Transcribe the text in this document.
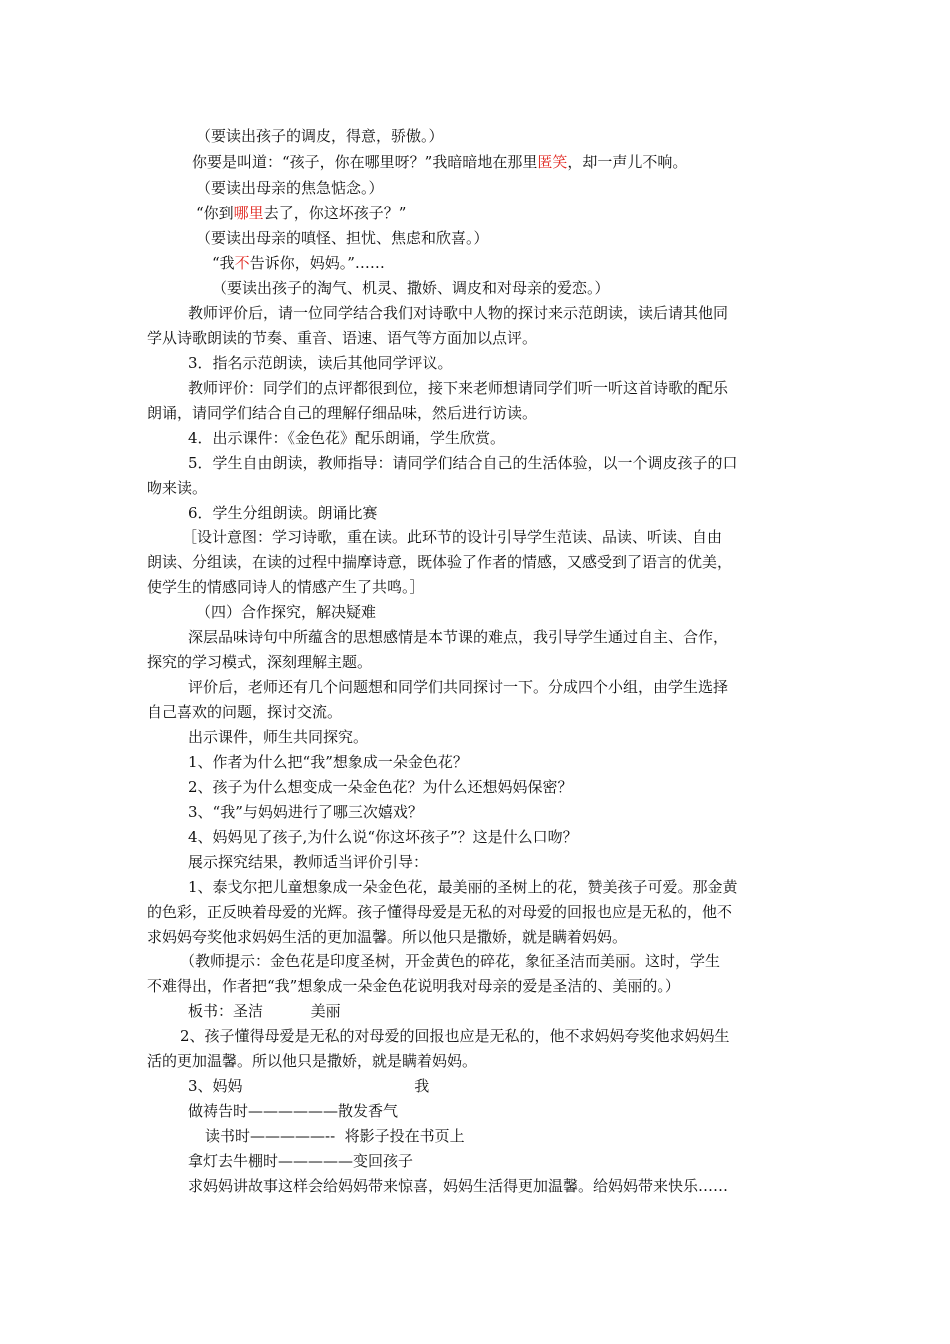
（要读出孩子的调皮，得意，骄傲。）
你要是叫道：“孩子，你在哪里呀？”我暗暗地在那里匿笑，却一声儿不响。
（要读出母亲的焦急惦念。）
“你到哪里去了，你这坏孩子？”
（要读出母亲的嗔怪、担忧、焦虑和欣喜。）
“我不告诉你，妈妈。”……
（要读出孩子的淘气、机灵、撒娇、调皮和对母亲的爱恋。）
教师评价后，请一位同学结合我们对诗歌中人物的探讨来示范朗读，读后请其他同
学从诗歌朗读的节奏、重音、语速、语气等方面加以点评。
3．指名示范朗读，读后其他同学评议。
教师评价：同学们的点评都很到位，接下来老师想请同学们听一听这首诗歌的配乐
朗诵，请同学们结合自己的理解仔细品味，然后进行访读。
4．出示课件：《金色花》配乐朗诵，学生欣赏。
5．学生自由朗读，教师指导：请同学们结合自己的生活体验，以一个调皮孩子的口
吻来读。
6．学生分组朗读。朗诵比赛
［设计意图：学习诗歌，重在读。此环节的设计引导学生范读、品读、听读、自由
朗读、分组读，在读的过程中揣摩诗意，既体验了作者的情感，又感受到了语言的优美，
使学生的情感同诗人的情感产生了共鸣。］
（四）合作探究，解决疑难
深层品味诗句中所蕴含的思想感情是本节课的难点，我引导学生通过自主、合作，
探究的学习模式，深刻理解主题。
评价后，老师还有几个问题想和同学们共同探讨一下。分成四个小组，由学生选择
自己喜欢的问题，探讨交流。
出示课件，师生共同探究。
1、作者为什么把“我”想象成一朵金色花？
2、孩子为什么想变成一朵金色花？为什么还想妈妈保密？
3、“我”与妈妈进行了哪三次嬉戏？
4、妈妈见了孩子,为什么说“你这坏孩子”？这是什么口吻？
展示探究结果，教师适当评价引导：
1、泰戈尔把儿童想象成一朵金色花，最美丽的圣树上的花，赞美孩子可爱。那金黄
的色彩，正反映着母爱的光辉。孩子懂得母爱是无私的对母爱的回报也应是无私的，他不
求妈妈夸奖他求妈妈生活的更加温馨。所以他只是撒娇，就是瞒着妈妈。
（教师提示：金色花是印度圣树，开金黄色的碎花，象征圣洁而美丽。这时，学生
不难得出，作者把“我”想象成一朵金色花说明我对母亲的爱是圣洁的、美丽的。）
板书：圣洁          美丽
2、孩子懂得母爱是无私的对母爱的回报也应是无私的，他不求妈妈夸奖他求妈妈生
活的更加温馨。所以他只是撒娇，就是瞒着妈妈。
3、妈妈                                    我
做祷告时——————散发香气
读书时—————--  将影子投在书页上
拿灯去牛棚时—————变回孩子
求妈妈讲故事这样会给妈妈带来惊喜，妈妈生活得更加温馨。给妈妈带来快乐……
